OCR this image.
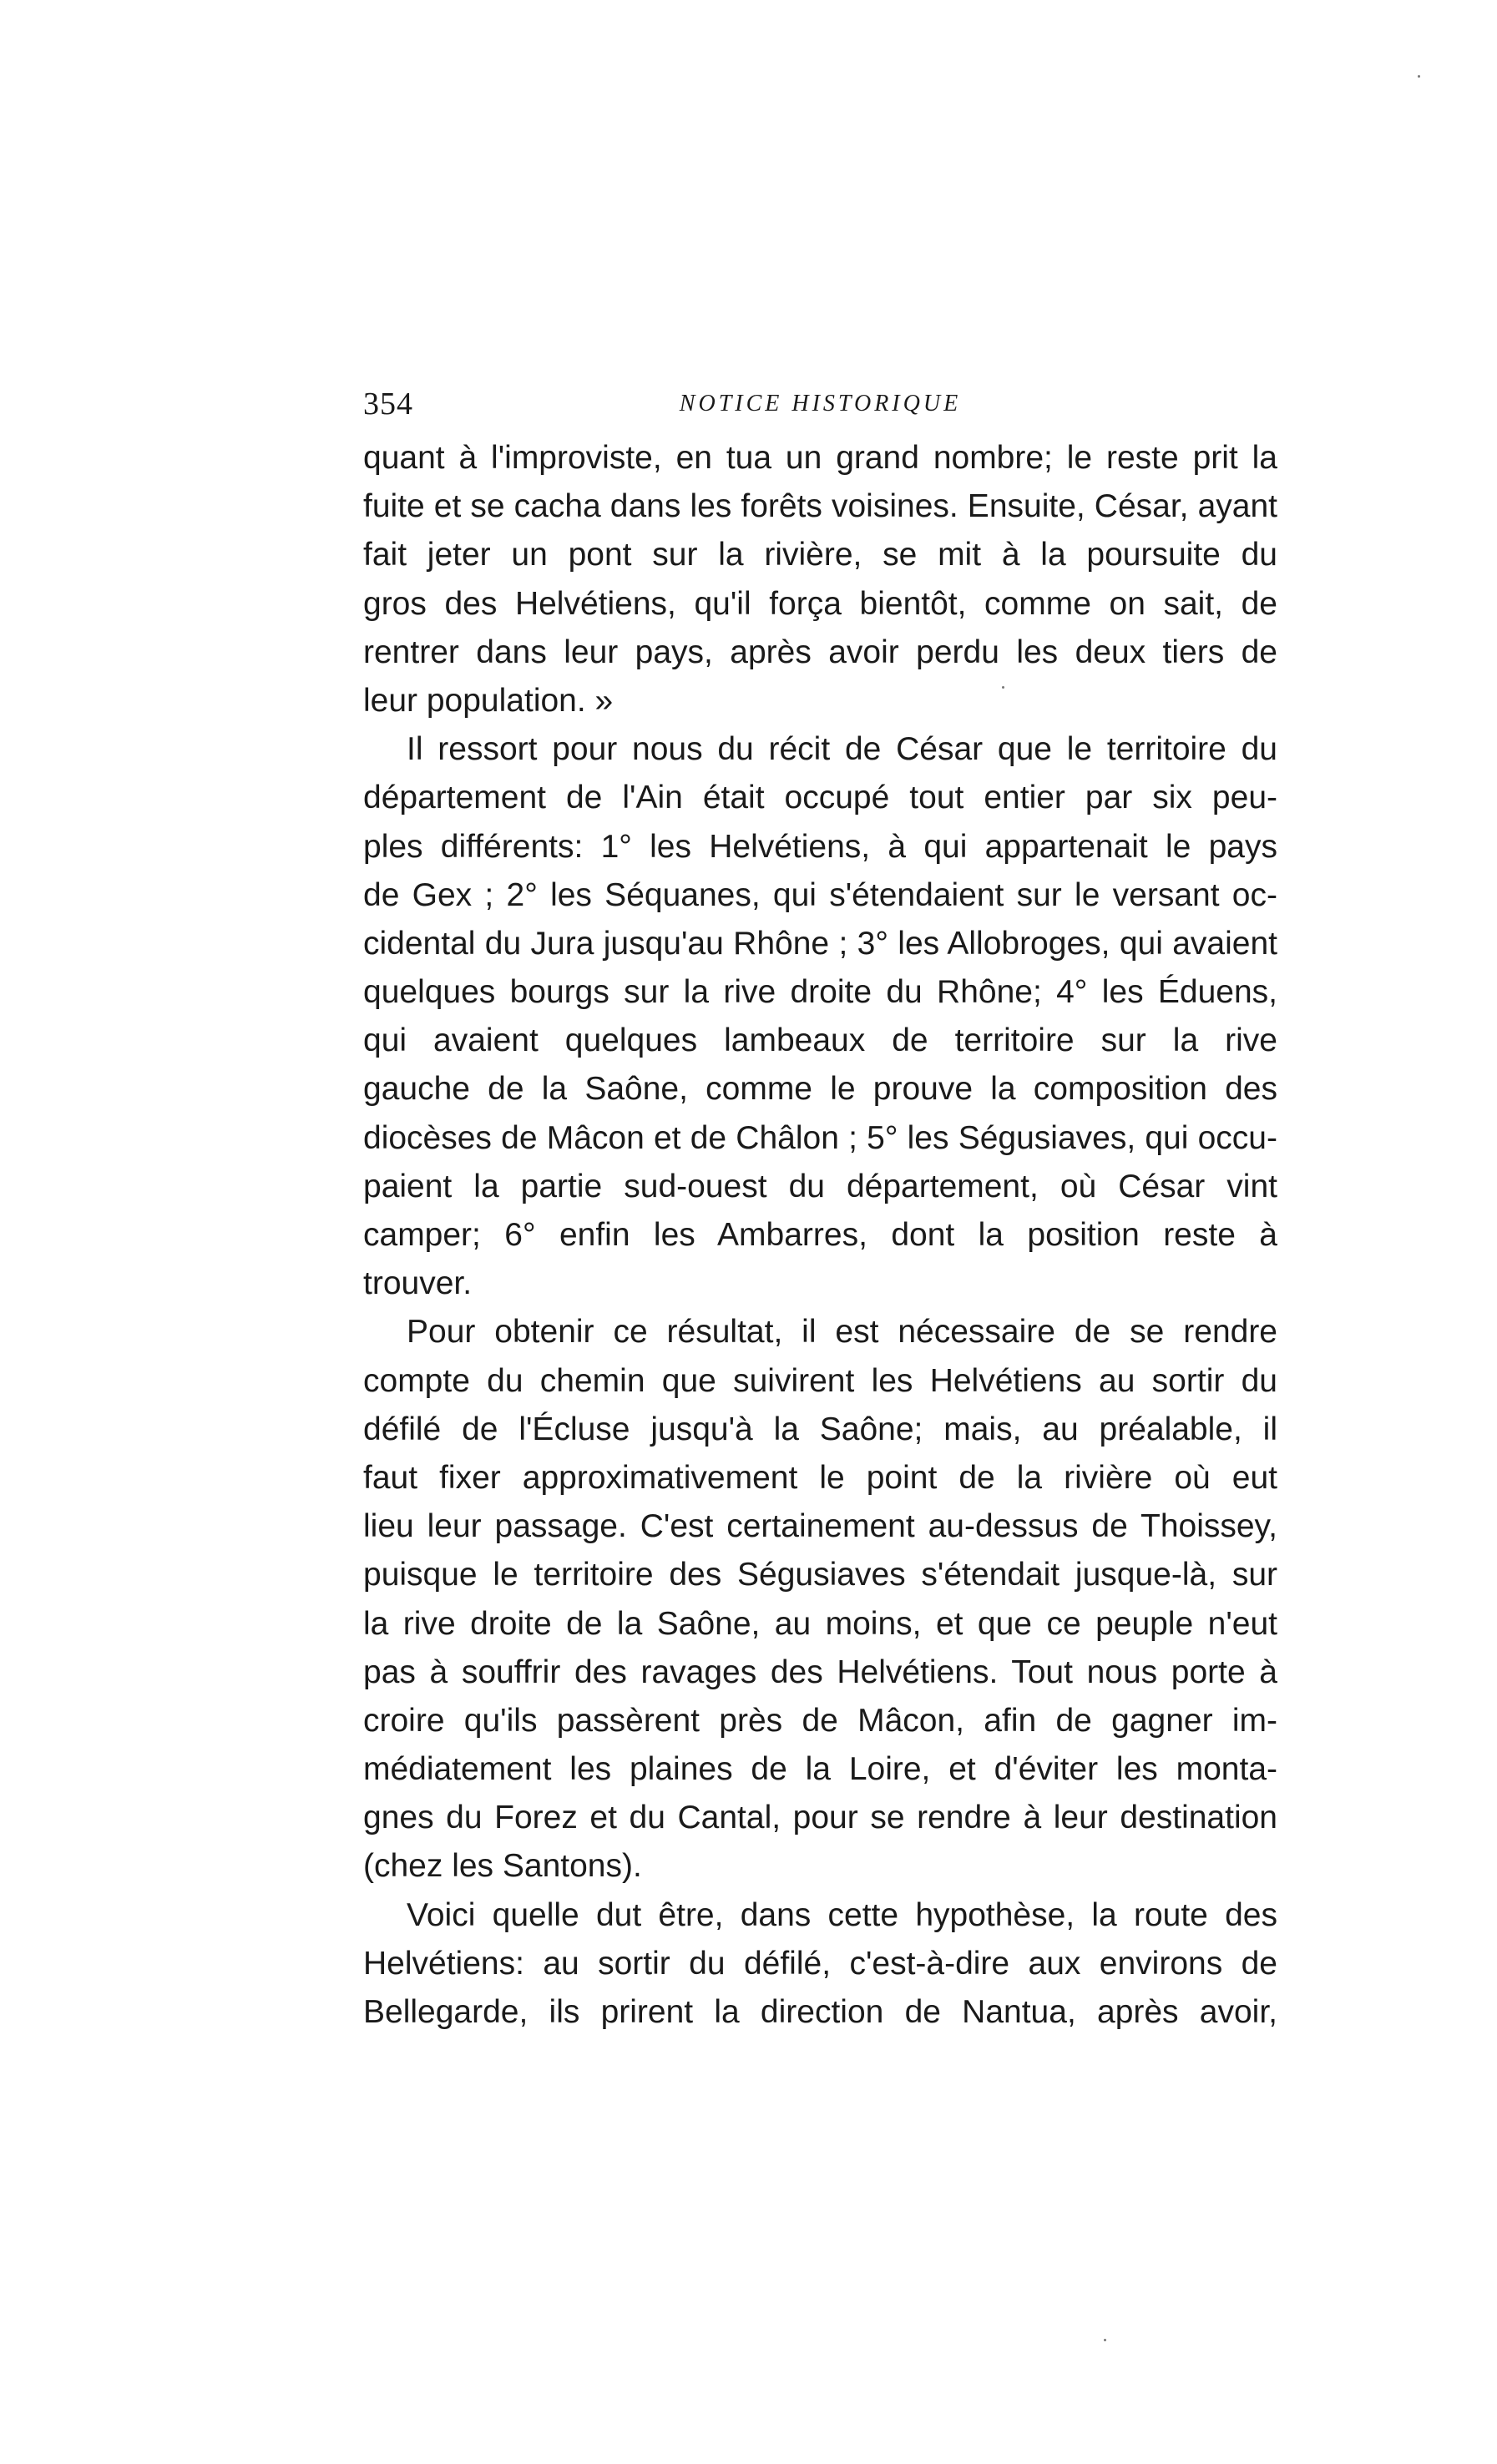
354	NOTICE HISTORIQUE
quant à l'improviste, en tua un grand nombre; le reste prit la
fuite et se cacha dans les forêts voisines. Ensuite, César, ayant
fait jeter un pont sur la rivière, se mit à la poursuite du
gros des Helvétiens, qu'il força bientôt, comme on sait, de
rentrer dans leur pays, après avoir perdu les deux tiers de
leur population. »
Il ressort pour nous du récit de César que le territoire du
département de l'Ain était occupé tout entier par six peu-
ples différents: 1° les Helvétiens, à qui appartenait le pays
de Gex ; 2° les Séquanes, qui s'étendaient sur le versant oc-
cidental du Jura jusqu'au Rhône ; 3° les Allobroges, qui avaient
quelques bourgs sur la rive droite du Rhône; 4° les Éduens,
qui avaient quelques lambeaux de territoire sur la rive
gauche de la Saône, comme le prouve la composition des
diocèses de Mâcon et de Châlon ; 5° les Ségusiaves, qui occu-
paient la partie sud-ouest du département, où César vint
camper; 6° enfin les Ambarres, dont la position reste à
trouver.
Pour obtenir ce résultat, il est nécessaire de se rendre
compte du chemin que suivirent les Helvétiens au sortir du
défilé de l'Écluse jusqu'à la Saône; mais, au préalable, il
faut fixer approximativement le point de la rivière où eut
lieu leur passage. C'est certainement au-dessus de Thoissey,
puisque le territoire des Ségusiaves s'étendait jusque-là, sur
la rive droite de la Saône, au moins, et que ce peuple n'eut
pas à souffrir des ravages des Helvétiens. Tout nous porte à
croire qu'ils passèrent près de Mâcon, afin de gagner im-
médiatement les plaines de la Loire, et d'éviter les monta-
gnes du Forez et du Cantal, pour se rendre à leur destination
(chez les Santons).
Voici quelle dut être, dans cette hypothèse, la route des
Helvétiens: au sortir du défilé, c'est-à-dire aux environs de
Bellegarde, ils prirent la direction de Nantua, après avoir,
